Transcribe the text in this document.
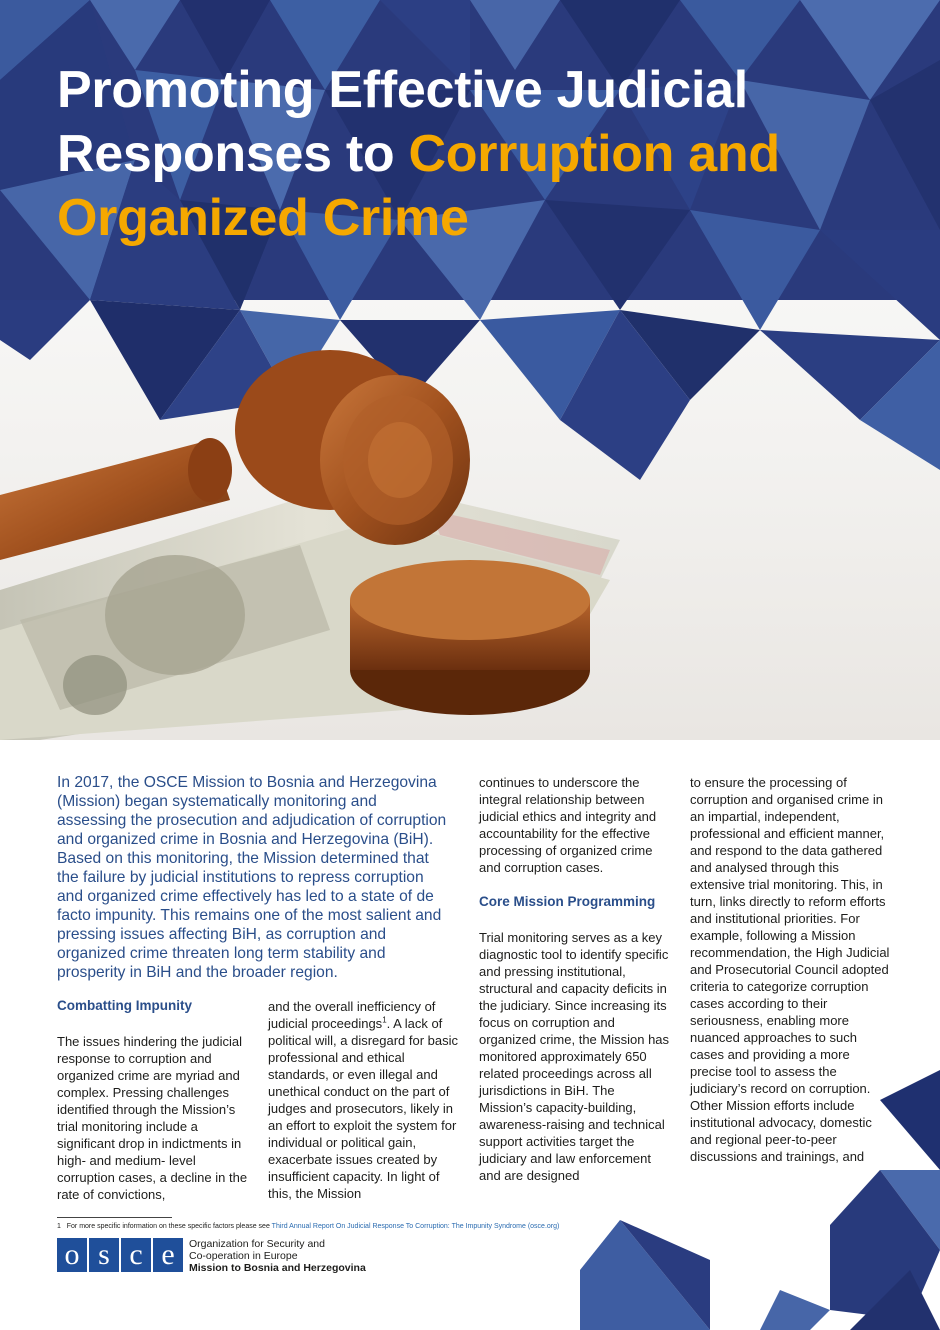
Promoting Effective Judicial Responses to Corruption and Organized Crime

In 2017, the OSCE Mission to Bosnia and Herzegovina (Mission) began systematically monitoring and assessing the prosecution and adjudication of corruption and organized crime in Bosnia and Herzegovina (BiH). Based on this monitoring, the Mission determined that the failure by judicial institutions to repress corruption and organized crime effectively has led to a state of de facto impunity. This remains one of the most salient and pressing issues affecting BiH, as corruption and organized crime threaten long term stability and prosperity in BiH and the broader region.

Combatting Impunity

The issues hindering the judicial response to corruption and organized crime are myriad and complex. Pressing challenges identified through the Mission’s trial monitoring include a significant drop in indictments in high- and medium- level corruption cases, a decline in the rate of convictions,

and the overall inefficiency of judicial proceedings$^1$. A lack of political will, a disregard for basic professional and ethical standards, or even illegal and unethical conduct on the part of judges and prosecutors, likely in an effort to exploit the system for individual or political gain, exacerbate issues created by insufficient capacity. In light of this, the Mission

continues to underscore the integral relationship between judicial ethics and integrity and accountability for the effective processing of organized crime and corruption cases.

Core Mission Programming

Trial monitoring serves as a key diagnostic tool to identify specific and pressing institutional, structural and capacity deficits in the judiciary. Since increasing its focus on corruption and organized crime, the Mission has monitored approximately 650 related proceedings across all jurisdictions in BiH. The Mission’s capacity-building, awareness-raising and technical support activities target the judiciary and law enforcement and are designed

to ensure the processing of corruption and organised crime in an impartial, independent, professional and efficient manner, and respond to the data gathered and analysed through this extensive trial monitoring. This, in turn, links directly to reform efforts and institutional priorities. For example, following a Mission recommendation, the High Judicial and Prosecutorial Council adopted criteria to categorize corruption cases according to their seriousness, enabling more nuanced approaches to such cases and providing a more precise tool to assess the judiciary’s record on corruption. Other Mission efforts include institutional advocacy, domestic and regional peer-to-peer discussions and trainings, and

1 For more specific information on these specific factors please see Third Annual Report On Judicial Response To Corruption: The Impunity Syndrome (osce.org)
o s c e	Organization for Security and
Co-operation in Europe
Mission to Bosnia and Herzegovina
